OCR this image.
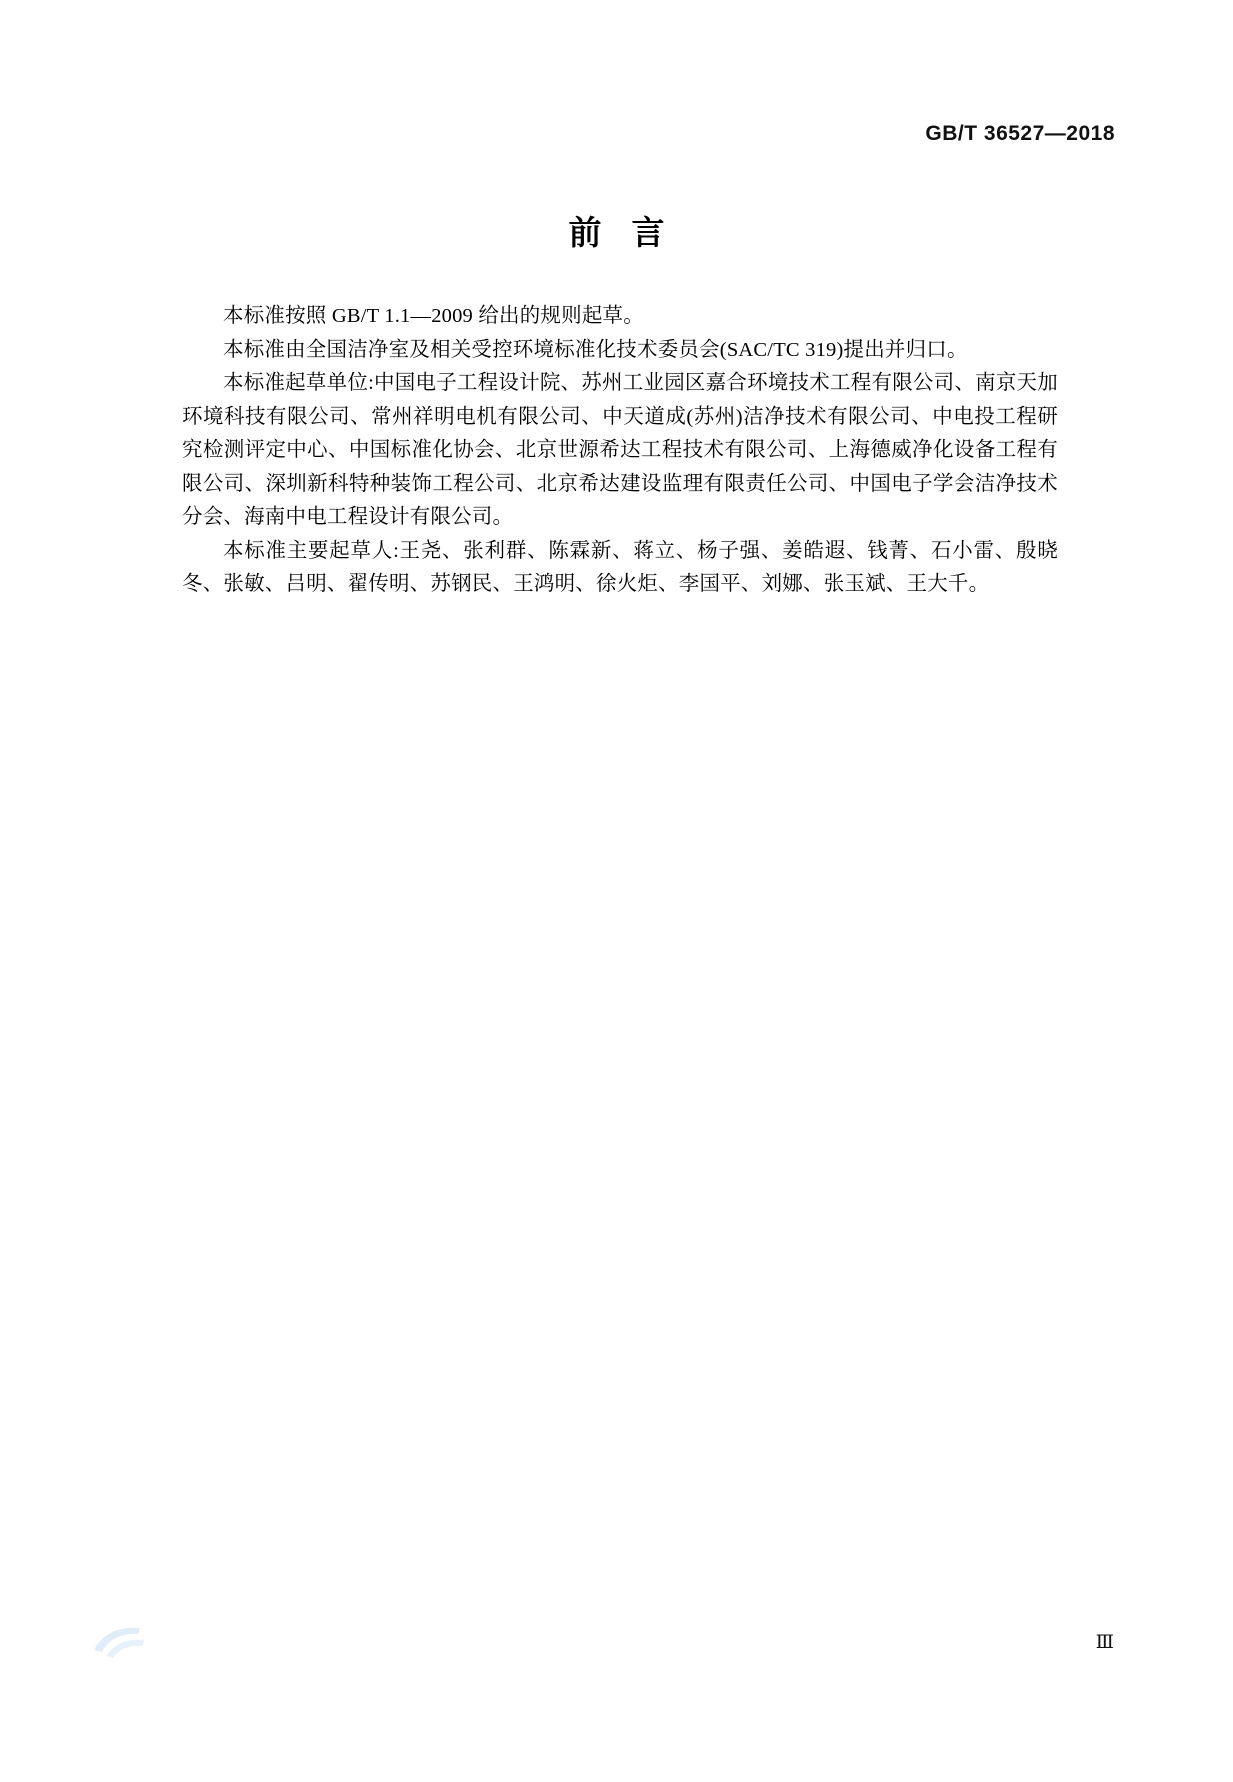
GB/T 36527—2018
前言

本标准按照 GB/T 1.1—2009 给出的规则起草。

本标准由全国洁净室及相关受控环境标准化技术委员会(SAC/TC 319)提出并归口。

本标准起草单位:中国电子工程设计院、苏州工业园区嘉合环境技术工程有限公司、南京天加环境科技有限公司、常州祥明电机有限公司、中天道成(苏州)洁净技术有限公司、中电投工程研究检测评定中心、中国标准化协会、北京世源希达工程技术有限公司、上海德威净化设备工程有限公司、深圳新科特种装饰工程公司、北京希达建设监理有限责任公司、中国电子学会洁净技术分会、海南中电工程设计有限公司。

本标准主要起草人:王尧、张利群、陈霖新、蒋立、杨子强、姜皓遐、钱菁、石小雷、殷晓冬、张敏、吕明、翟传明、苏钢民、王鸿明、徐火炬、李国平、刘娜、张玉斌、王大千。

Ⅲ
